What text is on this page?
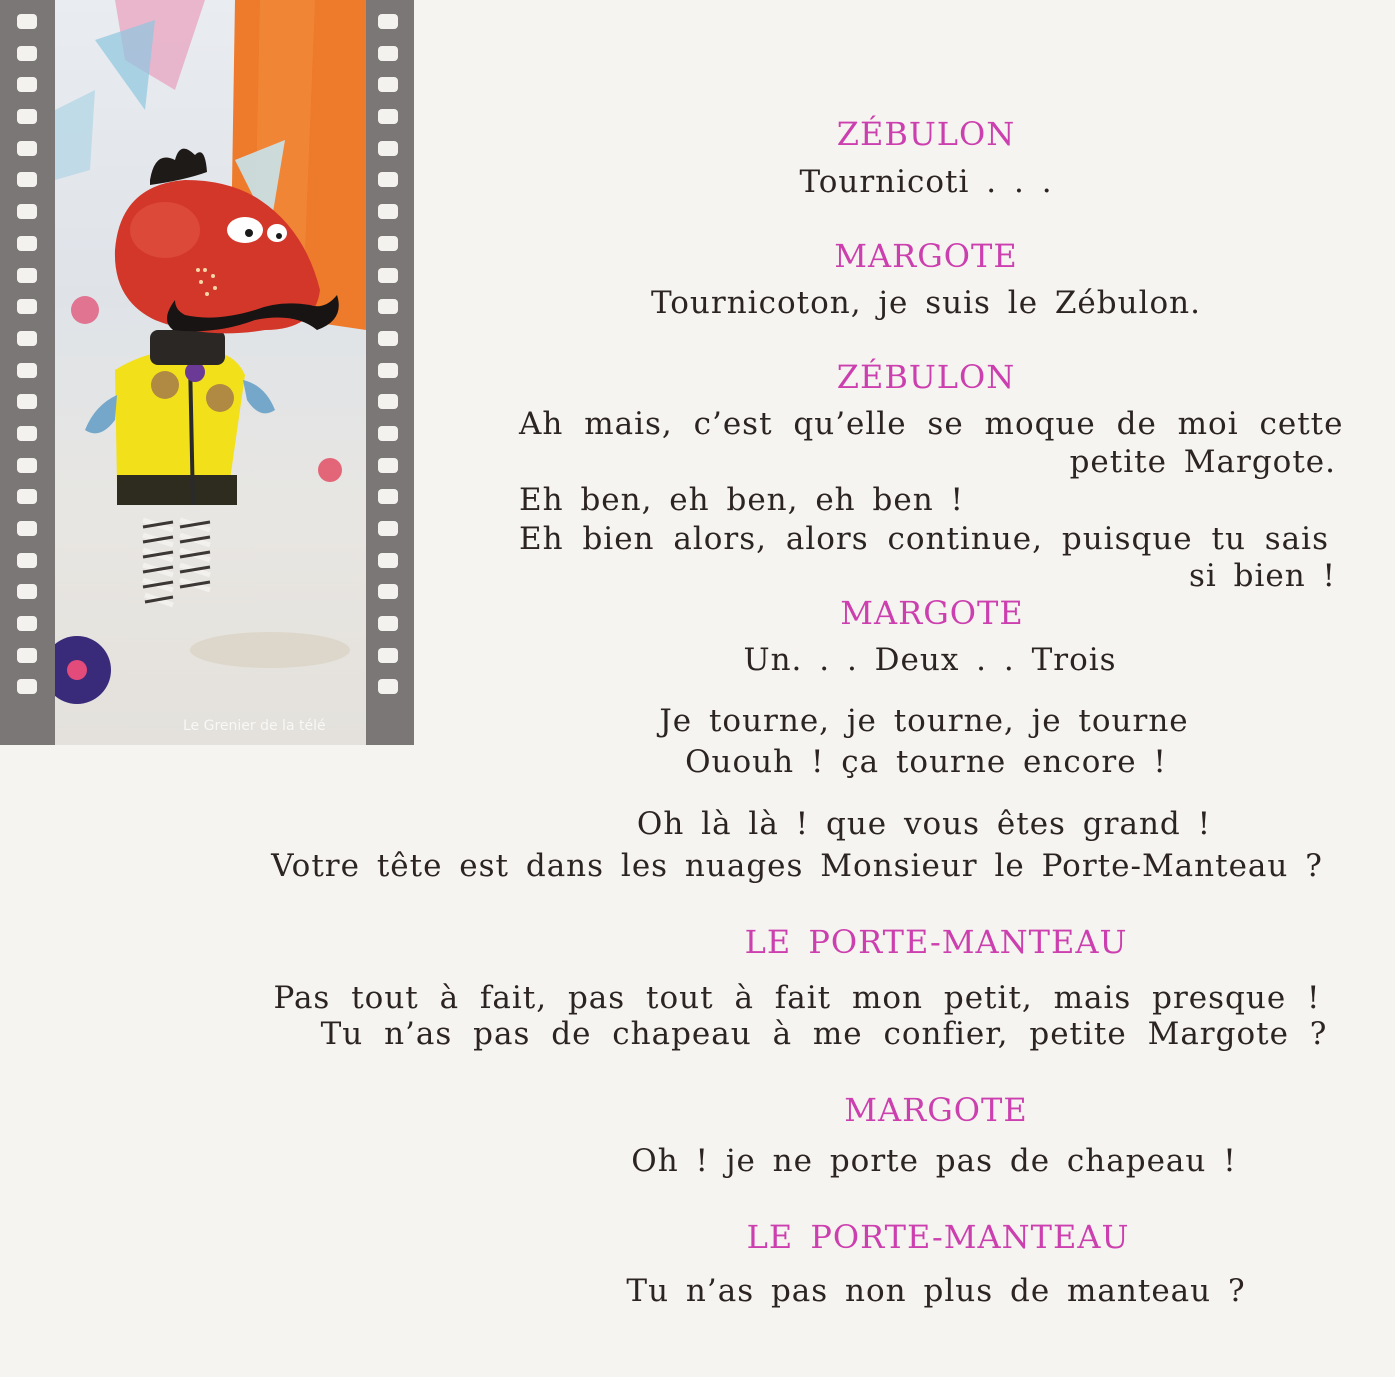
Le Grenier de la télé
ZÉBULON
Tournicoti . . .
MARGOTE
Tournicoton, je suis le Zébulon.
ZÉBULON
Ah mais, c’est qu’elle se moque de moi cette
petite Margote.
Eh ben, eh ben, eh ben !
Eh bien alors, alors continue, puisque tu sais
si bien !
MARGOTE
Un. . . Deux . . Trois
Je tourne, je tourne, je tourne
Ououh ! ça tourne encore !
Oh là là ! que vous êtes grand !
Votre tête est dans les nuages Monsieur le Porte-Manteau ?
LE PORTE-MANTEAU
Pas tout à fait, pas tout à fait mon petit, mais presque !
Tu n’as pas de chapeau à me confier, petite Margote ?
MARGOTE
Oh ! je ne porte pas de chapeau !
LE PORTE-MANTEAU
Tu n’as pas non plus de manteau ?
